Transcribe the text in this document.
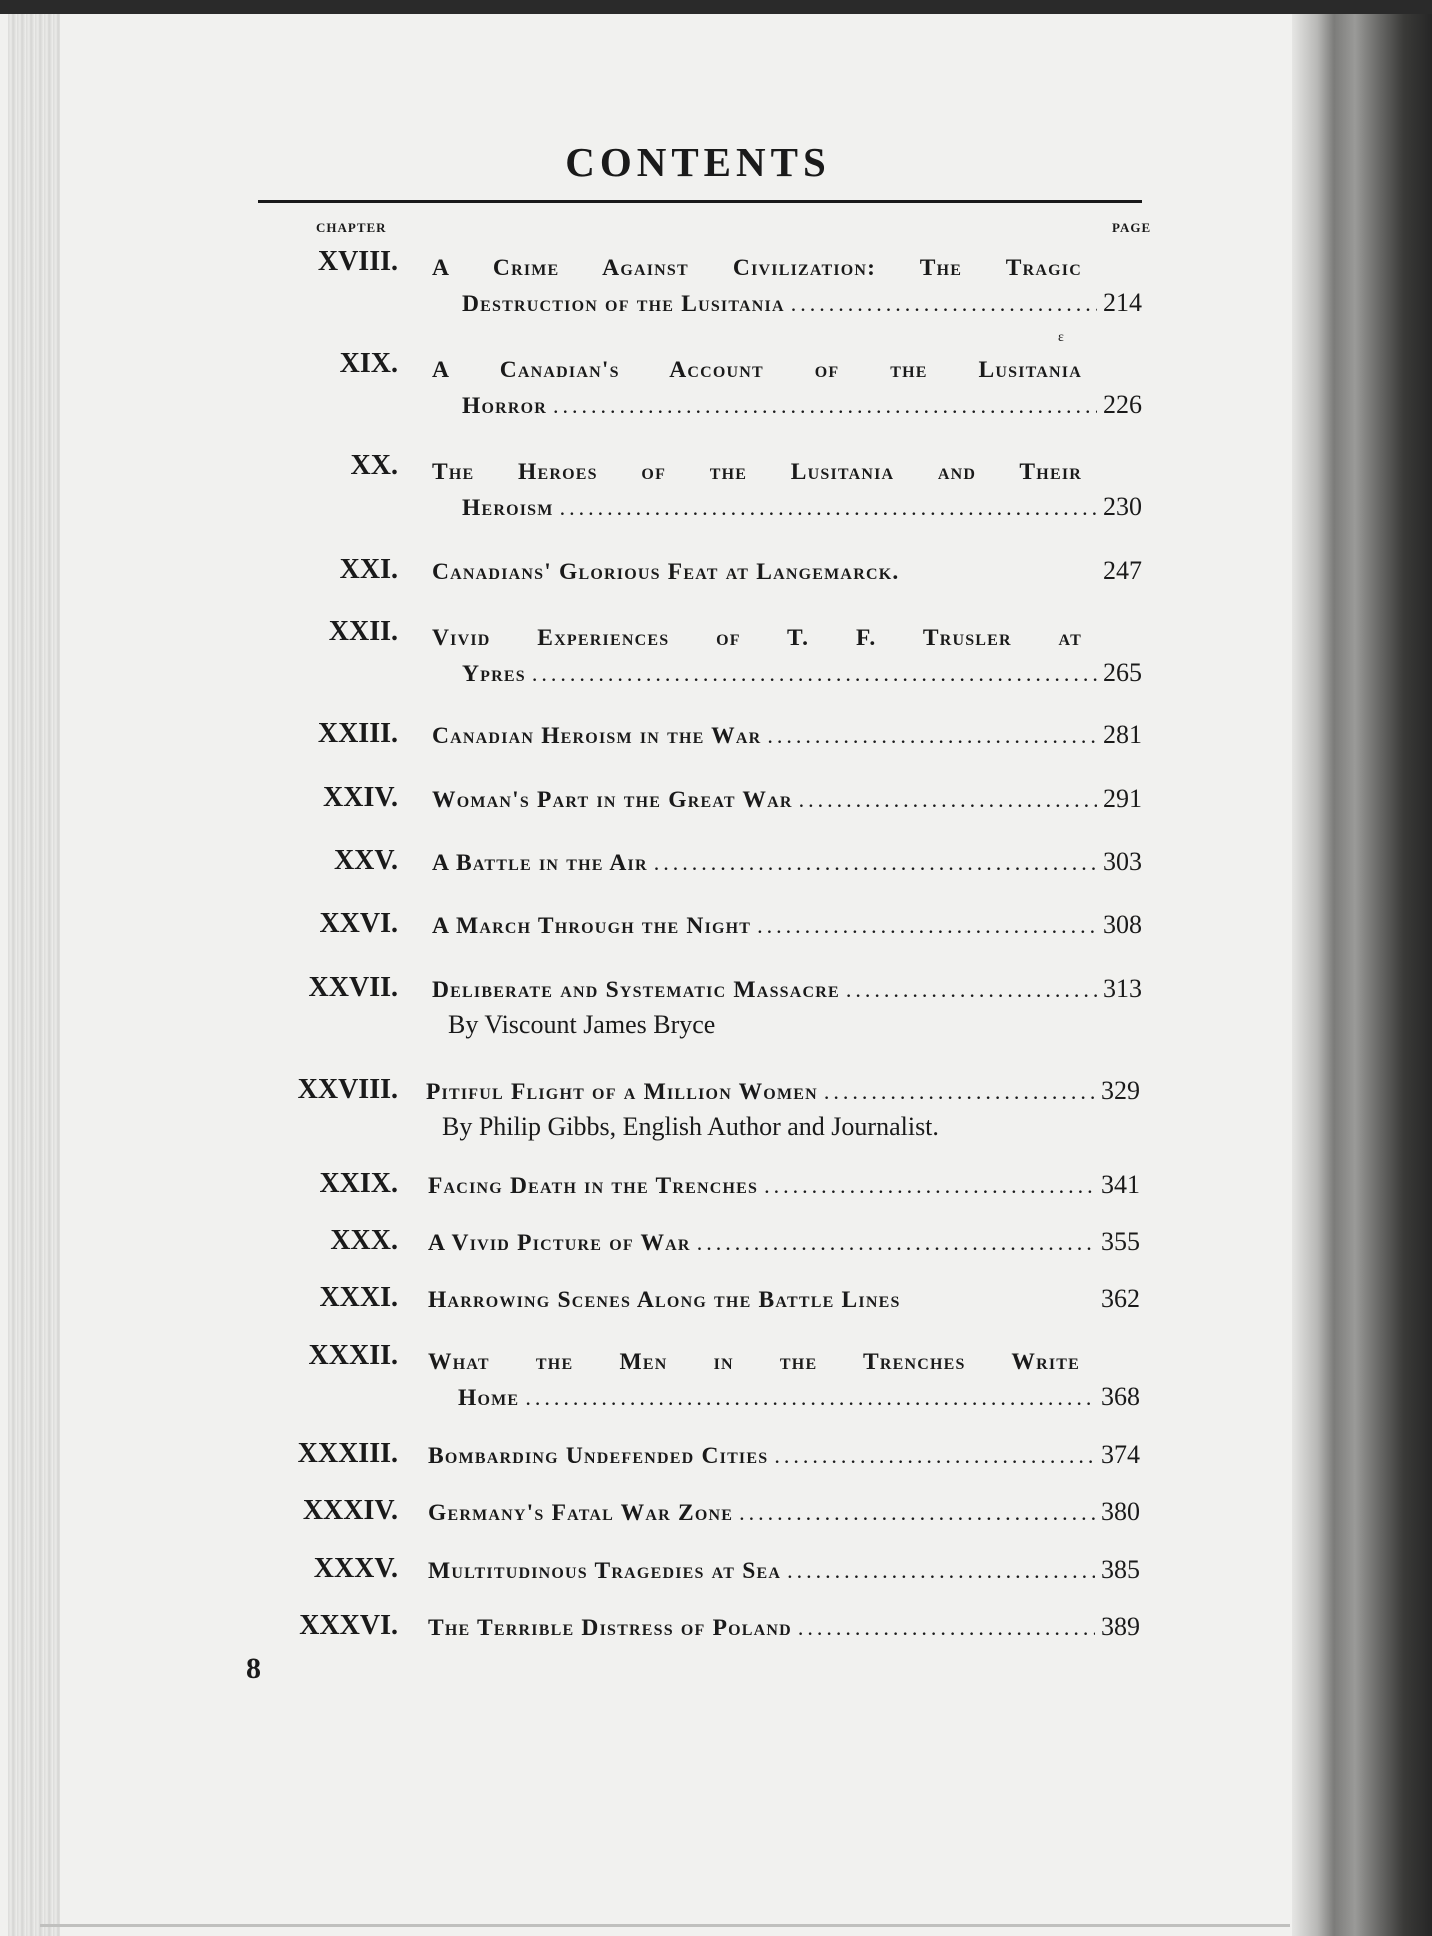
CONTENTS
CHAPTER	PAGE
XVIII. A Crime Against Civilization: The Tragic
Destruction of the Lusitania .....	214
ε
XIX. A Canadian's Account of the Lusitania
Horror .....	226
XX. The Heroes of the Lusitania and Their
Heroism .....	230
XXI. Canadians' Glorious Feat at Langemarck.	247
XXII. Vivid Experiences of T. F. Trusler at
Ypres .....	265
XXIII. Canadian Heroism in the War .....	281
XXIV. Woman's Part in the Great War .....	291
XXV. A Battle in the Air .....	303
XXVI. A March Through the Night .....	308
XXVII. Deliberate and Systematic Massacre .....	313
By Viscount James Bryce
XXVIII. Pitiful Flight of a Million Women .....	329
By Philip Gibbs, English Author and Journalist.
XXIX. Facing Death in the Trenches .....	341
XXX. A Vivid Picture of War .....	355
XXXI. Harrowing Scenes Along the Battle Lines	362
XXXII. What the Men in the Trenches Write
Home .....	368
XXXIII. Bombarding Undefended Cities .....	374
XXXIV. Germany's Fatal War Zone .....	380
XXXV. Multitudinous Tragedies at Sea .....	385
XXXVI. The Terrible Distress of Poland .....	389
8
